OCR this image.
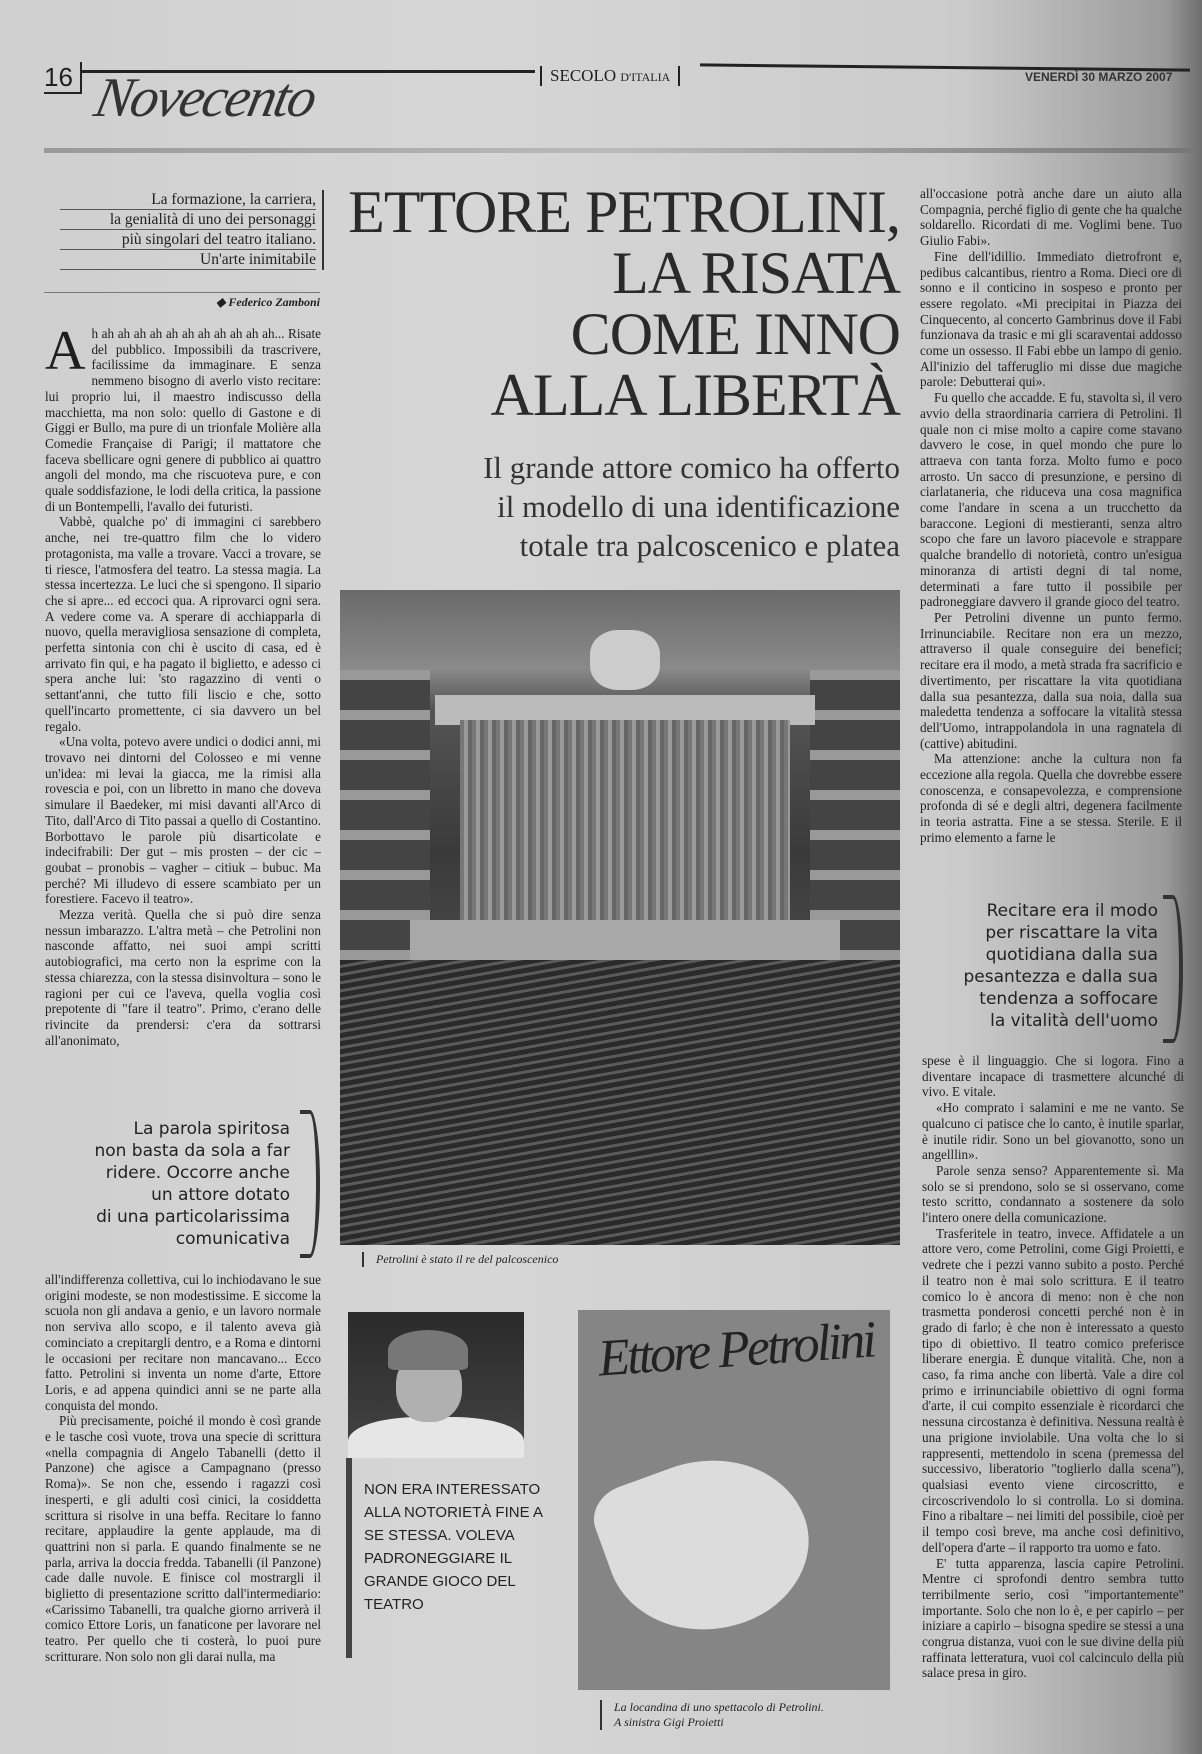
16 Novecento	SECOLO D'ITALIA	VENERDÌ 30 MARZO 2007
La formazione, la carriera,
la genialità di uno dei personaggi
più singolari del teatro italiano.
Un'arte inimitabile
◆ Federico Zamboni

Ah ah ah ah ah ah ah ah ah ah ah ah... Risate del pubblico. Impossibili da trascrivere, facilissime da immaginare. E senza nemmeno bisogno di averlo visto recitare: lui proprio lui, il maestro indiscusso della macchietta, ma non solo: quello di Gastone e di Giggi er Bullo, ma pure di un trionfale Molière alla Comedie Française di Parigi; il mattatore che faceva sbellicare ogni genere di pubblico ai quattro angoli del mondo, ma che riscuoteva pure, e con quale soddisfazione, le lodi della critica, la passione di un Bontempelli, l'avallo dei futuristi.

Vabbè, qualche po' di immagini ci sarebbero anche, nei tre-quattro film che lo videro protagonista, ma valle a trovare. Vacci a trovare, se ti riesce, l'atmosfera del teatro. La stessa magia. La stessa incertezza. Le luci che si spengono. Il sipario che si apre... ed eccoci qua. A riprovarci ogni sera. A vedere come va. A sperare di acchiapparla di nuovo, quella meravigliosa sensazione di completa, perfetta sintonia con chi è uscito di casa, ed è arrivato fin qui, e ha pagato il biglietto, e adesso ci spera anche lui: 'sto ragazzino di venti o settant'anni, che tutto fili liscio e che, sotto quell'incarto promettente, ci sia davvero un bel regalo.

«Una volta, potevo avere undici o dodici anni, mi trovavo nei dintorni del Colosseo e mi venne un'idea: mi levai la giacca, me la rimisi alla rovescia e poi, con un libretto in mano che doveva simulare il Baedeker, mi misi davanti all'Arco di Tito, dall'Arco di Tito passai a quello di Costantino. Borbottavo le parole più disarticolate e indecifrabili: Der gut – mis prosten – der cic – goubat – pronobis – vagher – citiuk – bubuc. Ma perché? Mi illudevo di essere scambiato per un forestiere. Facevo il teatro».

Mezza verità. Quella che si può dire senza nessun imbarazzo. L'altra metà – che Petrolini non nasconde affatto, nei suoi ampi scritti autobiografici, ma certo non la esprime con la stessa chiarezza, con la stessa disinvoltura – sono le ragioni per cui ce l'aveva, quella voglia così prepotente di "fare il teatro". Primo, c'erano delle rivincite da prendersi: c'era da sottrarsi all'anonimato,

La parola spiritosa
non basta da sola a far
ridere. Occorre anche
un attore dotato
di una particolarissima
comunicativa

all'indifferenza collettiva, cui lo inchiodavano le sue origini modeste, se non modestissime. E siccome la scuola non gli andava a genio, e un lavoro normale non serviva allo scopo, e il talento aveva già cominciato a crepitargli dentro, e a Roma e dintorni le occasioni per recitare non mancavano... Ecco fatto. Petrolini si inventa un nome d'arte, Ettore Loris, e ad appena quindici anni se ne parte alla conquista del mondo.

Più precisamente, poiché il mondo è così grande e le tasche così vuote, trova una specie di scrittura «nella compagnia di Angelo Tabanelli (detto il Panzone) che agisce a Campagnano (presso Roma)». Se non che, essendo i ragazzi così inesperti, e gli adulti così cinici, la cosiddetta scrittura si risolve in una beffa. Recitare lo fanno recitare, applaudire la gente applaude, ma di quattrini non si parla. E quando finalmente se ne parla, arriva la doccia fredda. Tabanelli (il Panzone) cade dalle nuvole. E finisce col mostrargli il biglietto di presentazione scritto dall'intermediario: «Carissimo Tabanelli, tra qualche giorno arriverà il comico Ettore Loris, un fanaticone per lavorare nel teatro. Per quello che ti costerà, lo puoi pure scritturare. Non solo non gli darai nulla, ma

ETTORE PETROLINI,
LA RISATA
COME INNO
ALLA LIBERTÀ
Il grande attore comico ha offerto
il modello di una identificazione
totale tra palcoscenico e platea
Petrolini è stato il re del palcoscenico
NON ERA INTERESSATO ALLA NOTORIETÀ FINE A SE STESSA. VOLEVA PADRONEGGIARE IL GRANDE GIOCO DEL TEATRO
Ettore Petrolini
La locandina di uno spettacolo di Petrolini.
A sinistra Gigi Proietti

all'occasione potrà anche dare un aiuto alla Compagnia, perché figlio di gente che ha qualche soldarello. Ricordati di me. Voglimi bene. Tuo Giulio Fabi».

Fine dell'idillio. Immediato dietrofront e, pedibus calcantibus, rientro a Roma. Dieci ore di sonno e il conticino in sospeso e pronto per essere regolato. «Mi precipitai in Piazza dei Cinquecento, al concerto Gambrinus dove il Fabi funzionava da trasic e mi gli scaraventai addosso come un ossesso. Il Fabi ebbe un lampo di genio. All'inizio del tafferuglio mi disse due magiche parole: Debutterai qui».

Fu quello che accadde. E fu, stavolta sì, il vero avvio della straordinaria carriera di Petrolini. Il quale non ci mise molto a capire come stavano davvero le cose, in quel mondo che pure lo attraeva con tanta forza. Molto fumo e poco arrosto. Un sacco di presunzione, e persino di ciarlataneria, che riduceva una cosa magnifica come l'andare in scena a un trucchetto da baraccone. Legioni di mestieranti, senza altro scopo che fare un lavoro piacevole e strappare qualche brandello di notorietà, contro un'esigua minoranza di artisti degni di tal nome, determinati a fare tutto il possibile per padroneggiare davvero il grande gioco del teatro.

Per Petrolini divenne un punto fermo. Irrinunciabile. Recitare non era un mezzo, attraverso il quale conseguire dei benefici; recitare era il modo, a metà strada fra sacrificio e divertimento, per riscattare la vita quotidiana dalla sua pesantezza, dalla sua noia, dalla sua maledetta tendenza a soffocare la vitalità stessa dell'Uomo, intrappolandola in una ragnatela di (cattive) abitudini.

Ma attenzione: anche la cultura non fa eccezione alla regola. Quella che dovrebbe essere conoscenza, e consapevolezza, e comprensione profonda di sé e degli altri, degenera facilmente in teoria astratta. Fine a se stessa. Sterile. E il primo elemento a farne le

Recitare era il modo
per riscattare la vita
quotidiana dalla sua
pesantezza e dalla sua
tendenza a soffocare
la vitalità dell'uomo

spese è il linguaggio. Che si logora. Fino a diventare incapace di trasmettere alcunché di vivo. E vitale.

«Ho comprato i salamini e me ne vanto. Se qualcuno ci patisce che lo canto, è inutile sparlar, è inutile ridir. Sono un bel giovanotto, sono un angelllin».

Parole senza senso? Apparentemente sì. Ma solo se si prendono, solo se si osservano, come testo scritto, condannato a sostenere da solo l'intero onere della comunicazione.

Trasferitele in teatro, invece. Affidatele a un attore vero, come Petrolini, come Gigi Proietti, e vedrete che i pezzi vanno subito a posto. Perché il teatro non è mai solo scrittura. E il teatro comico lo è ancora di meno: non è che non trasmetta ponderosi concetti perché non è in grado di farlo; è che non è interessato a questo tipo di obiettivo. Il teatro comico preferisce liberare energia. È dunque vitalità. Che, non a caso, fa rima anche con libertà. Vale a dire col primo e irrinunciabile obiettivo di ogni forma d'arte, il cui compito essenziale è ricordarci che nessuna circostanza è definitiva. Nessuna realtà è una prigione inviolabile. Una volta che lo si rappresenti, mettendolo in scena (premessa del successivo, liberatorio "toglierlo dalla scena"), qualsiasi evento viene circoscritto, e circoscrivendolo lo si controlla. Lo si domina. Fino a ribaltare – nei limiti del possibile, cioè per il tempo così breve, ma anche così definitivo, dell'opera d'arte – il rapporto tra uomo e fato.

E' tutta apparenza, lascia capire Petrolini. Mentre ci sprofondi dentro sembra tutto terribilmente serio, così "importantemente" importante. Solo che non lo è, e per capirlo – per iniziare a capirlo – bisogna spedire se stessi a una congrua distanza, vuoi con le sue divine della più raffinata letteratura, vuoi col calcinculo della più salace presa in giro.
